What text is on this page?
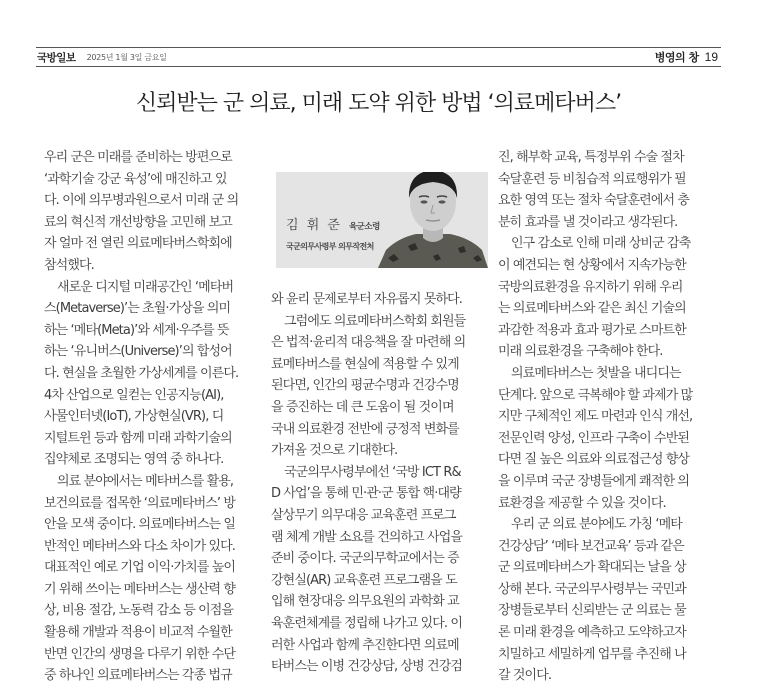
국방일보 2025년 1월 3일 금요일	병영의 창 19
신뢰받는 군 의료, 미래 도약 위한 방법 ‘의료메타버스’
우리 군은 미래를 준비하는 방편으로
‘과학기술 강군 육성’에 매진하고 있
다. 이에 의무병과원으로서 미래 군 의
료의 혁신적 개선방향을 고민해 보고
자 얼마 전 열린 의료메타버스학회에
참석했다.
새로운 디지털 미래공간인 ‘메타버
스(Metaverse)’는 초월·가상을 의미
하는 ‘메타(Meta)’와 세계·우주를 뜻
하는 ‘유니버스(Universe)’의 합성어
다. 현실을 초월한 가상세계를 이른다.
4차 산업으로 일컫는 인공지능(AI),
사물인터넷(IoT), 가상현실(VR), 디
지털트윈 등과 함께 미래 과학기술의
집약체로 조명되는 영역 중 하나다.
의료 분야에서는 메타버스를 활용,
보건의료를 접목한 ‘의료메타버스’ 방
안을 모색 중이다. 의료메타버스는 일
반적인 메타버스와 다소 차이가 있다.
대표적인 예로 기업 이익·가치를 높이
기 위해 쓰이는 메타버스는 생산력 향
상, 비용 절감, 노동력 감소 등 이점을
활용해 개발과 적용이 비교적 수월한
반면 인간의 생명을 다루기 위한 수단
중 하나인 의료메타버스는 각종 법규
김 휘 준 육군소령
국군의무사령부 의무작전처
와 윤리 문제로부터 자유롭지 못하다.
그럼에도 의료메타버스학회 회원들
은 법적·윤리적 대응책을 잘 마련해 의
료메타버스를 현실에 적용할 수 있게
된다면, 인간의 평균수명과 건강수명
을 증진하는 데 큰 도움이 될 것이며
국내 의료환경 전반에 긍정적 변화를
가져올 것으로 기대한다.
국군의무사령부에선 ‘국방 ICT R&
D 사업’을 통해 민·관·군 통합 핵·대량
살상무기 의무대응 교육훈련 프로그
램 체계 개발 소요를 건의하고 사업을
준비 중이다. 국군의무학교에서는 증
강현실(AR) 교육훈련 프로그램을 도
입해 현장대응 의무요원의 과학화 교
육훈련체계를 정립해 나가고 있다. 이
러한 사업과 함께 추진한다면 의료메
타버스는 이병 건강상담, 상병 건강검
진, 해부학 교육, 특정부위 수술 절차
숙달훈련 등 비침습적 의료행위가 필
요한 영역 또는 절차 숙달훈련에서 충
분히 효과를 낼 것이라고 생각된다.
인구 감소로 인해 미래 상비군 감축
이 예견되는 현 상황에서 지속가능한
국방의료환경을 유지하기 위해 우리
는 의료메타버스와 같은 최신 기술의
과감한 적용과 효과 평가로 스마트한
미래 의료환경을 구축해야 한다.
의료메타버스는 첫발을 내디디는
단계다. 앞으로 극복해야 할 과제가 많
지만 구체적인 제도 마련과 인식 개선,
전문인력 양성, 인프라 구축이 수반된
다면 질 높은 의료와 의료접근성 향상
을 이루며 국군 장병들에게 쾌적한 의
료환경을 제공할 수 있을 것이다.
우리 군 의료 분야에도 가칭 ‘메타
건강상담’ ‘메타 보건교육’ 등과 같은
군 의료메타버스가 확대되는 날을 상
상해 본다. 국군의무사령부는 국민과
장병들로부터 신뢰받는 군 의료는 물
론 미래 환경을 예측하고 도약하고자
치밀하고 세밀하게 업무를 추진해 나
갈 것이다.
